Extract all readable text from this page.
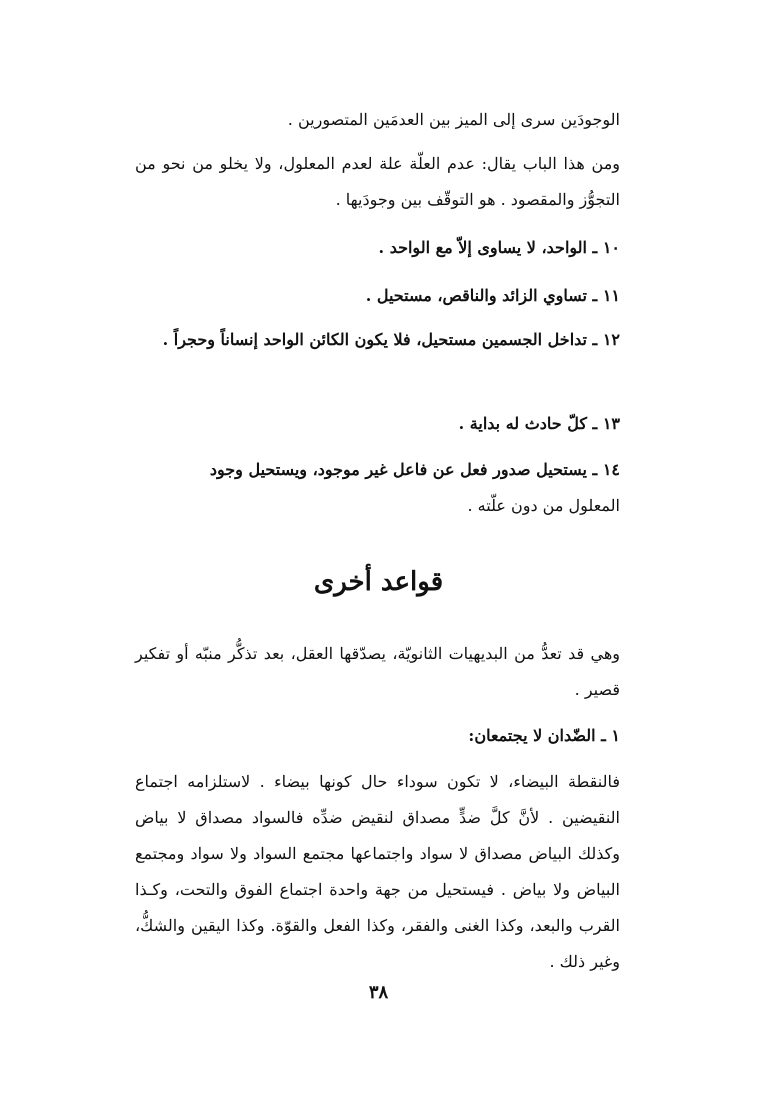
الوجودَين سرى إلى الميز بين العدمَين المتصورين .
ومن هذا الباب يقال: عدم العلّة علة لعدم المعلول، ولا يخلو من نحو من التجوُّز والمقصود . هو التوقّف بين وجودَيها .
١٠ ـ الواحد، لا يساوى إلاّ مع الواحد .
١١ ـ تساوي الزائد والناقص، مستحيل .
١٢ ـ تداخل الجسمين مستحيل، فلا يكون الكائن الواحد إنساناً وحجراً .
١٣ ـ كلّ حادث له بداية .
١٤ ـ يستحيل صدور فعل عن فاعل غير موجود، ويستحيل وجود
المعلول من دون علّته .
قواعد أخرى
وهي قد تعدُّ من البديهيات الثانويّة، يصدّقها العقل، بعد تذكُّر منبّه أو تفكير قصير .
١ ـ الضّدان لا يجتمعان:
فالنقطة البيضاء، لا تكون سوداء حال كونها بيضاء . لاستلزامه اجتماع النقيضين . لأنَّ كلَّ ضدٍّ مصداق لنقيض ضدِّه فالسواد مصداق لا بياض وكذلك البياض مصداق لا سواد واجتماعها مجتمع السواد ولا سواد ومجتمع البياض ولا بياض . فيستحيل من جهة واحدة اجتماع الفوق والتحت، وكـذا القرب والبعد، وكذا الغنى والفقر، وكذا الفعل والقوّة. وكذا اليقين والشكُّ، وغير ذلك .
٣٨
